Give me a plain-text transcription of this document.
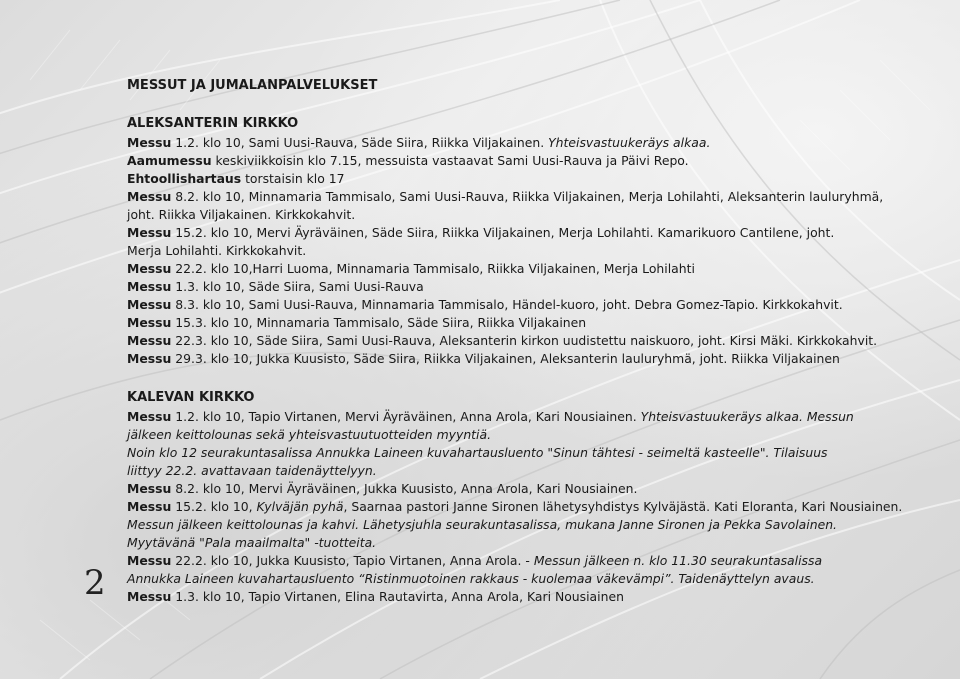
2
MESSUT JA JUMALANPALVELUKSET
ALEKSANTERIN KIRKKO

Messu 1.2. klo 10, Sami Uusi-Rauva, Säde Siira, Riikka Viljakainen. Yhteisvastuukeräys alkaa.

Aamumessu keskiviikkoisin klo 7.15, messuista vastaavat Sami Uusi-Rauva ja Päivi Repo.

Ehtoollishartaus torstaisin klo 17

Messu 8.2. klo 10, Minnamaria Tammisalo, Sami Uusi-Rauva, Riikka Viljakainen, Merja Lohilahti, Aleksanterin lauluryhmä,

joht. Riikka Viljakainen. Kirkkokahvit.

Messu 15.2. klo 10, Mervi Äyräväinen, Säde Siira, Riikka Viljakainen, Merja Lohilahti. Kamarikuoro Cantilene, joht.

Merja Lohilahti. Kirkkokahvit.

Messu 22.2. klo 10,Harri Luoma, Minnamaria Tammisalo, Riikka Viljakainen, Merja Lohilahti

Messu 1.3. klo 10, Säde Siira, Sami Uusi-Rauva

Messu 8.3. klo 10, Sami Uusi-Rauva, Minnamaria Tammisalo, Händel-kuoro, joht. Debra Gomez-Tapio. Kirkkokahvit.

Messu 15.3. klo 10, Minnamaria Tammisalo, Säde Siira, Riikka Viljakainen

Messu 22.3. klo 10, Säde Siira, Sami Uusi-Rauva, Aleksanterin kirkon uudistettu naiskuoro, joht. Kirsi Mäki. Kirkkokahvit.

Messu 29.3. klo 10, Jukka Kuusisto, Säde Siira, Riikka Viljakainen, Aleksanterin lauluryhmä, joht. Riikka Viljakainen

KALEVAN KIRKKO

Messu 1.2. klo 10, Tapio Virtanen, Mervi Äyräväinen, Anna Arola, Kari Nousiainen. Yhteisvastuukeräys alkaa. Messun

jälkeen keittolounas sekä yhteisvastuutuotteiden myyntiä.

Noin klo 12 seurakuntasalissa Annukka Laineen kuvahartausluento "Sinun tähtesi - seimeltä kasteelle". Tilaisuus

liittyy 22.2. avattavaan taidenäyttelyyn.

Messu 8.2. klo 10, Mervi Äyräväinen, Jukka Kuusisto, Anna Arola, Kari Nousiainen.

Messu 15.2. klo 10, Kylväjän pyhä, Saarnaa pastori Janne Sironen lähetysyhdistys Kylväjästä. Kati Eloranta, Kari Nousiainen.

Messun jälkeen keittolounas ja kahvi. Lähetysjuhla seurakuntasalissa, mukana Janne Sironen ja Pekka Savolainen.

Myytävänä "Pala maailmalta" -tuotteita.

Messu 22.2. klo 10, Jukka Kuusisto, Tapio Virtanen, Anna Arola. - Messun jälkeen n. klo 11.30 seurakuntasalissa

Annukka Laineen kuvahartausluento “Ristinmuotoinen rakkaus - kuolemaa väkevämpi”. Taidenäyttelyn avaus.

Messu 1.3. klo 10, Tapio Virtanen, Elina Rautavirta, Anna Arola, Kari Nousiainen
